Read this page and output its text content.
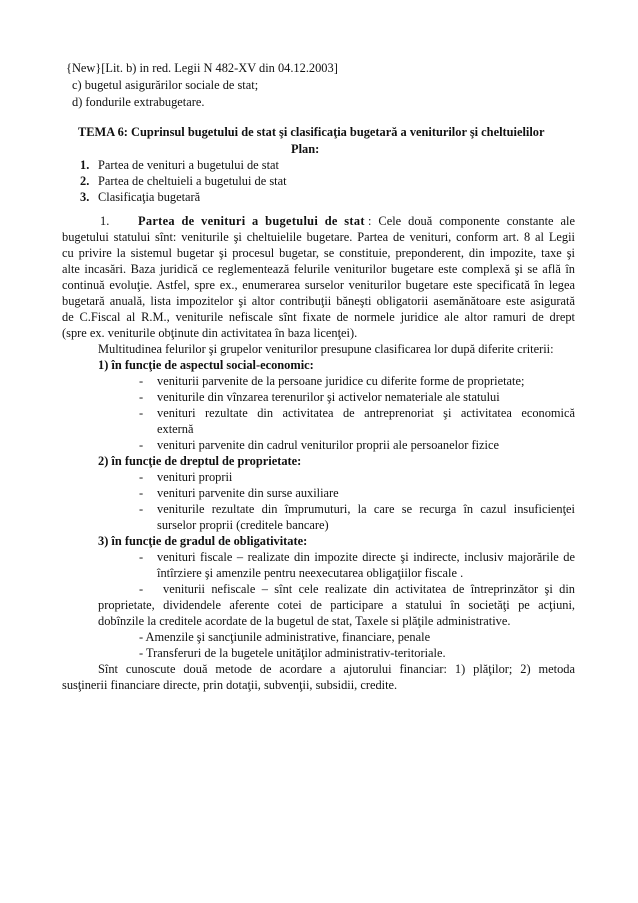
{New}[Lit. b) in red. Legii N 482-XV din 04.12.2003]
c) bugetul asigurărilor sociale de stat;
d) fondurile extrabugetare.
TEMA 6: Cuprinsul bugetului de stat şi clasificaţia bugetară a veniturilor şi cheltuielilor
Plan:
1. Partea de venituri a bugetului de stat
2. Partea de cheltuieli a bugetului de stat
3. Clasificaţia bugetară
1. Partea de venituri a bugetului de stat : Cele două componente constante ale
bugetului statului sînt: veniturile şi cheltuielile bugetare. Partea de venituri, conform art. 8 al Legii
cu privire la sistemul bugetar şi procesul bugetar, se constituie, preponderent, din impozite, taxe şi
alte incasări. Baza juridică ce reglementează felurile veniturilor bugetare este complexă şi se află în
continuă evoluţie. Astfel, spre ex., enumerarea surselor veniturilor bugetare este specificată în legea
bugetară anuală, lista impozitelor şi altor contribuţii băneşti obligatorii asemănătoare este asigurată
de C.Fiscal al R.M., veniturile nefiscale sînt fixate de normele juridice ale altor ramuri de drept
(spre ex. veniturile obţinute din activitatea în baza licenţei).
Multitudinea felurilor şi grupelor veniturilor presupune clasificarea lor după diferite criterii:
1) în funcţie de aspectul social-economic:
- veniturii parvenite de la persoane juridice cu diferite forme de proprietate;
- veniturile din vînzarea terenurilor şi activelor nemateriale ale statului
- venituri rezultate din activitatea de antreprenoriat şi activitatea economică
externă
- venituri parvenite din cadrul veniturilor proprii ale persoanelor fizice
2) în funcţie de dreptul de proprietate:
- venituri proprii
- venituri parvenite din surse auxiliare
- veniturile rezultate din împrumuturi, la care se recurga în cazul insuficienţei
surselor proprii (creditele bancare)
3) în funcţie de gradul de obligativitate:
- venituri fiscale – realizate din impozite directe şi indirecte, inclusiv majorările de
întîrziere şi amenzile pentru neexecutarea obligaţiilor fiscale .
- veniturii nefiscale – sînt cele realizate din activitatea de întreprinzător şi din
proprietate, dividendele aferente cotei de participare a statului în societăţi pe acţiuni,
dobînzile la creditele acordate de la bugetul de stat, Taxele si plăţile administrative.
- Amenzile şi sancţiunile administrative, financiare, penale
- Transferuri de la bugetele unităţilor administrativ-teritoriale.
Sînt cunoscute două metode de acordare a ajutorului financiar: 1) plăţilor; 2) metoda
susţinerii financiare directe, prin dotaţii, subvenţii, subsidii, credite.
